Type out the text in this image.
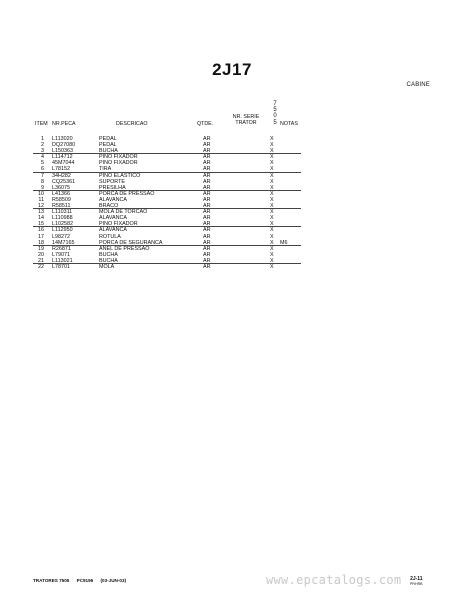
2J17
CABINE
7
5
0
5
ITEM NR.PECA	DESCRICAO	QTDE.
NR. SERIE
TRATOR	NOTAS
1 L113020	PEDAL	AR	X
2 DQ27080	PEDAL	AR	X
3 L150363	BUCHA	AR	X
4 L114712	PINO FIXADOR	AR	X
5 45M7044	PINO FIXADOR	AR	X
6 L78152	TIRA	AR	X
7 34H282	PINO ELASTICO	AR	X
8 CQ25361	SUPORTE	AR	X
9 L36075	PRESILHA	AR	X
10 L41366	PORCA DE PRESSAO	AR	X
11 R58509	ALAVANCA	AR	X
12 R58511	BRACO	AR	X
13 L110311	MOLA DE TORCAO	AR	X
14 L110988	ALAVANCA	AR	X
15 L102582	PINO FIXADOR	AR	X
16 L112950	ALAVANCA	AR	X
17 L98272	ROTULA	AR	X
18 14M7165	PORCA DE SEGURANCA	AR	X M6
19 R26871	ANEL DE PRESSAO	AR	X
20 L79071	BUCHA	AR	X
21 L113021	BUCHA	AR	X
22 L78701	MOLA	AR	X
TRATORES 7505 PC9196 (03-JUN-03)	www.epcatalogs.com 2J-11
PRHRB
